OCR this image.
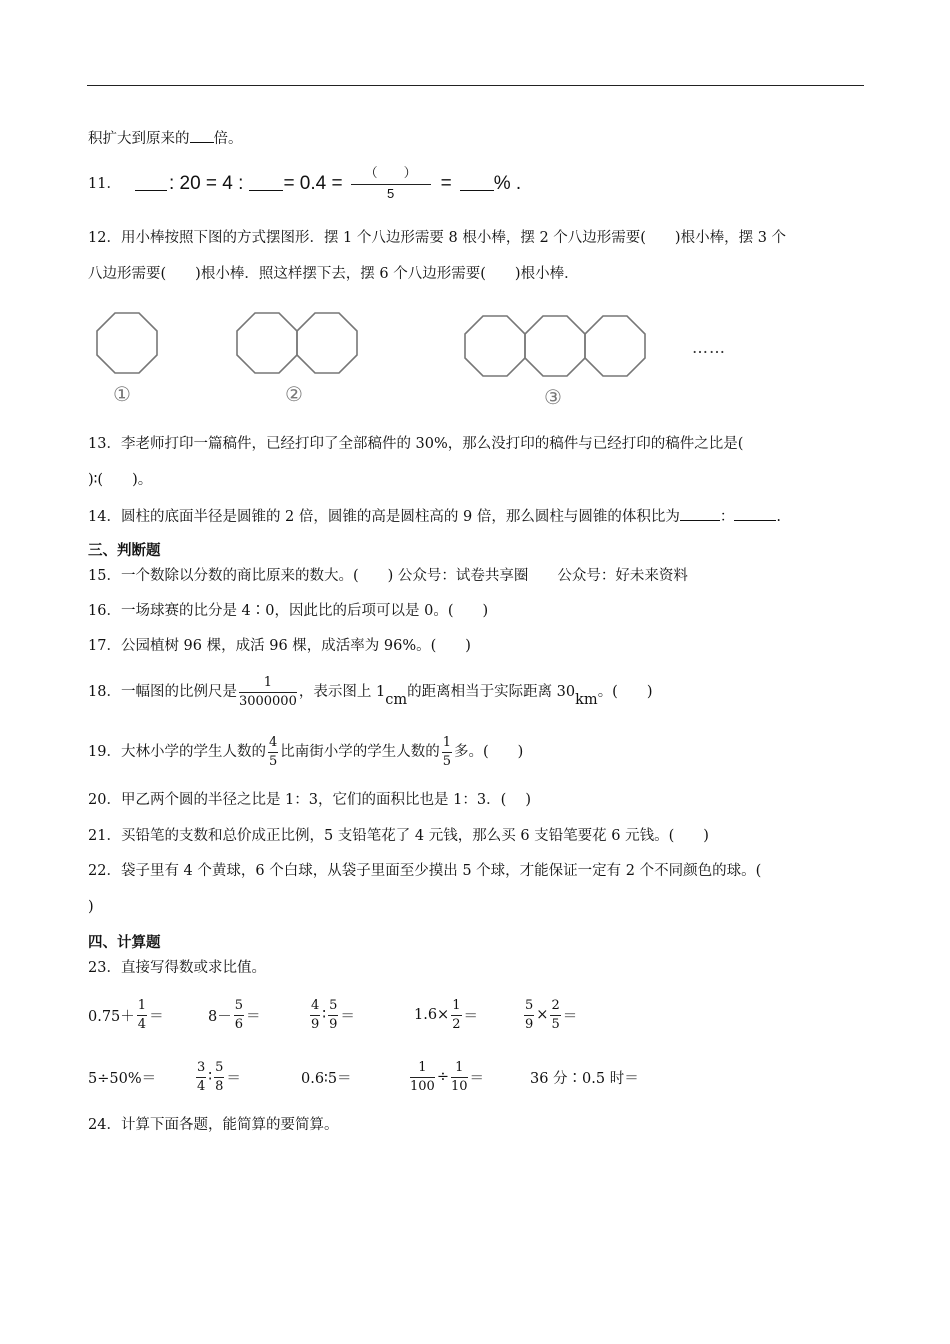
积扩大到原来的 倍。
11．	: 20 = 4 : = $0.4 = \frac{( )}{5}$ = % .
12．用小棒按照下图的方式摆图形．摆 1 个八边形需要 8 根小棒，摆 2 个八边形需要(　　)根小棒，摆 3 个
八边形需要(　　)根小棒．照这样摆下去，摆 6 个八边形需要(　　)根小棒．
①	②	③
……
13．李老师打印一篇稿件，已经打印了全部稿件的 30%，那么没打印的稿件与已经打印的稿件之比是(
)∶(　　)。
14．圆柱的底面半径是圆锥的 2 倍，圆锥的高是圆柱高的 9 倍，那么圆柱与圆锥的体积比为	：	.
三、判断题
15．一个数除以分数的商比原来的数大。(　　) 公众号：试卷共享圈　　公众号：好未来资料
16．一场球赛的比分是 4∶0，因此比的后项可以是 0。(　　)
17．公园植树 96 棵，成活 96 棵，成活率为 96%。(　　)
18．一幅图的比例尺是 $\frac{1}{3000000}$ ，表示图上 1 cm 的距离相当于实际距离 30 km 。(　　)
19．大林小学的学生人数的 $\frac{4}{5}$ 比南街小学的学生人数的 $\frac{1}{5}$ 多。(　　)
20．甲乙两个圆的半径之比是 1：3，它们的面积比也是 1：3．(　 )
21．买铅笔的支数和总价成正比例，5 支铅笔花了 4 元钱，那么买 6 支铅笔要花 6 元钱。(　　)
22．袋子里有 4 个黄球，6 个白球，从袋子里面至少摸出 5 个球，才能保证一定有 2 个不同颜色的球。(
)
四、计算题
23．直接写得数或求比值。
$0.75+ \frac{1}{4}$ ＝	$8- \frac{5}{6}$ ＝	$\frac{4}{9}$ ∶ $\frac{5}{9}$ ＝	$1.6\times \frac{1}{2}$ ＝	$\frac{5}{9} \times \frac{2}{5}$ ＝
5÷50%＝	$\frac{3}{4}$ ∶ $\frac{5}{8}$ ＝	0.6∶5＝	$\frac{1}{100} \div \frac{1}{10}$ ＝	36 分∶0.5 时＝
24．计算下面各题，能简算的要简算。
